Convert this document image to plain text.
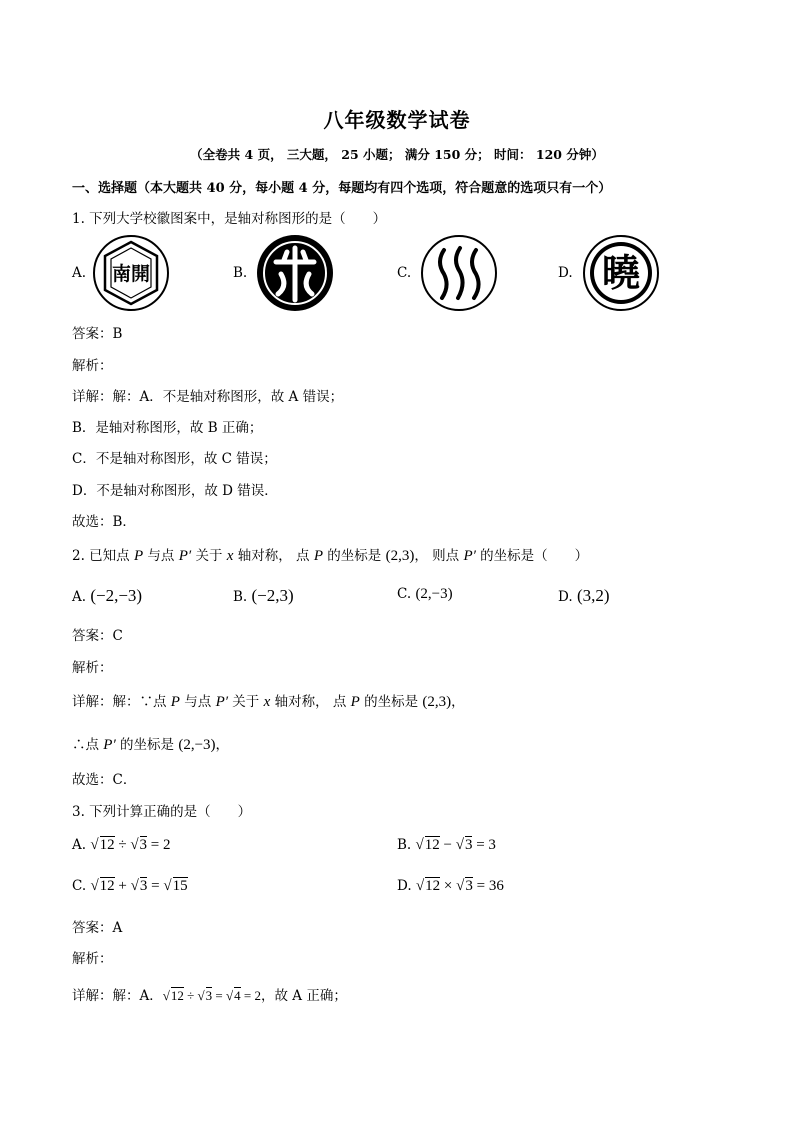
八年级数学试卷
（全卷共 4 页， 三大题， 25 小题； 满分 150 分； 时间： 120 分钟）
一、选择题（本大题共 40 分，每小题 4 分，每题均有四个选项，符合题意的选项只有一个）
1. 下列大学校徽图案中，是轴对称图形的是（　　）
A. 南開	B.	C.	D. 曉
答案：B
解析：
详解：解：A．不是轴对称图形，故 A 错误；
B．是轴对称图形，故 B 正确；
C．不是轴对称图形，故 C 错误；
D．不是轴对称图形，故 D 错误．
故选：B．
2. 已知点 P 与点 P′ 关于 x 轴对称， 点 P 的坐标是 (2,3)， 则点 P′ 的坐标是（　　）
A. (−2,−3)	B. (−2,3)	C. (2,−3)	D. (3,2)
答案：C
解析：
详解：解：∵点 P 与点 P′ 关于 x 轴对称， 点 P 的坐标是 (2,3)，
∴点 P′ 的坐标是 (2,−3)，
故选：C．
3. 下列计算正确的是（　　）
A. √12 ÷ √3 = 2	B. √12 − √3 = 3
C. √12 + √3 = √15	D. √12 × √3 = 36
答案：A
解析：
详解：解：A．√12 ÷ √3 = √4 = 2，故 A 正确；
